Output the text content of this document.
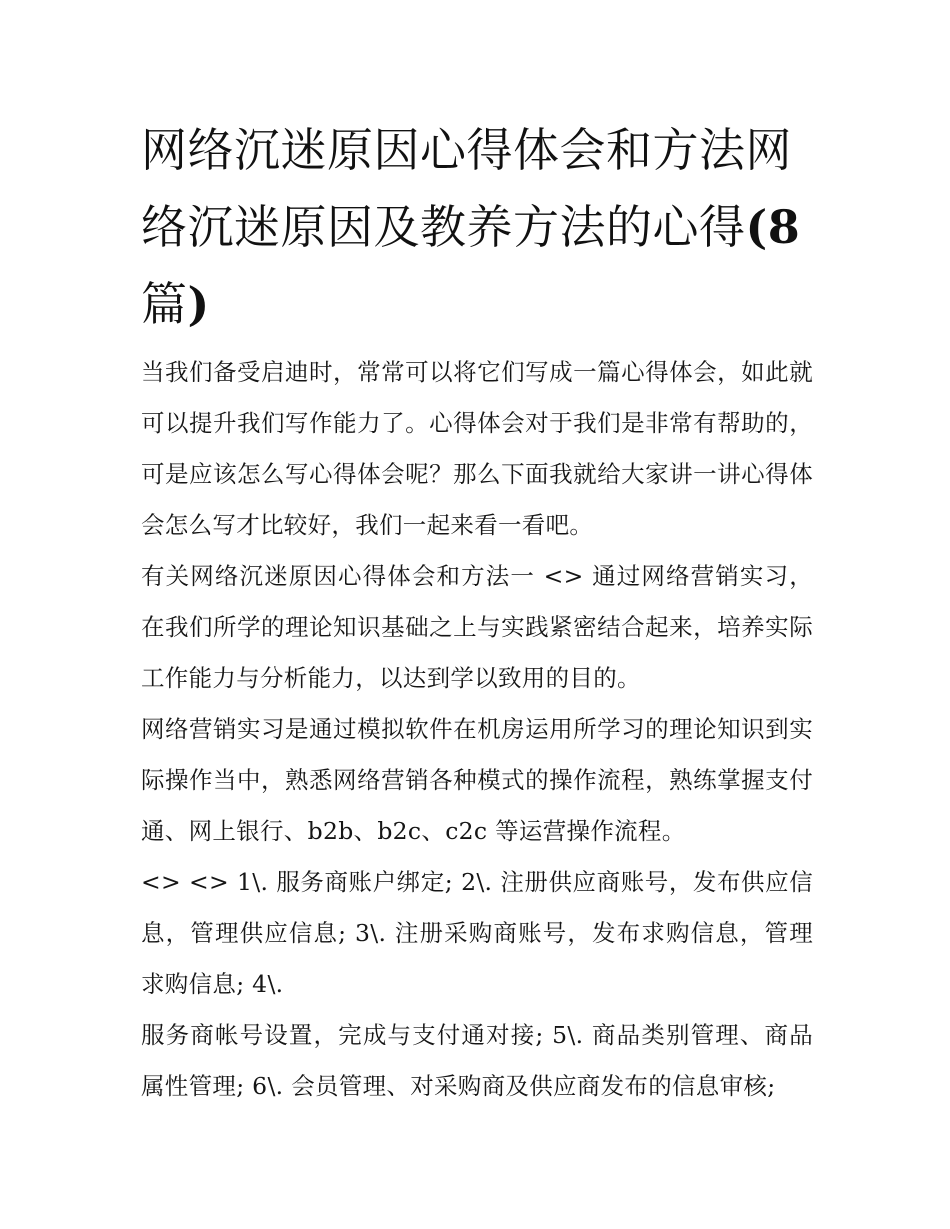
网络沉迷原因心得体会和方法网络沉迷原因及教养方法的心得(8 篇)

当我们备受启迪时，常常可以将它们写成一篇心得体会，如此就可以提升我们写作能力了。心得体会对于我们是非常有帮助的，可是应该怎么写心得体会呢？那么下面我就给大家讲一讲心得体会怎么写才比较好，我们一起来看一看吧。

有关网络沉迷原因心得体会和方法一 <> 通过网络营销实习，在我们所学的理论知识基础之上与实践紧密结合起来，培养实际工作能力与分析能力，以达到学以致用的目的。

网络营销实习是通过模拟软件在机房运用所学习的理论知识到实际操作当中，熟悉网络营销各种模式的操作流程，熟练掌握支付通、网上银行、b2b、b2c、c2c 等运营操作流程。

<> <> 1\. 服务商账户绑定; 2\. 注册供应商账号，发布供应信息，管理供应信息; 3\. 注册采购商账号，发布求购信息，管理求购信息; 4\.

服务商帐号设置，完成与支付通对接; 5\. 商品类别管理、商品属性管理; 6\. 会员管理、对采购商及供应商发布的信息审核;
